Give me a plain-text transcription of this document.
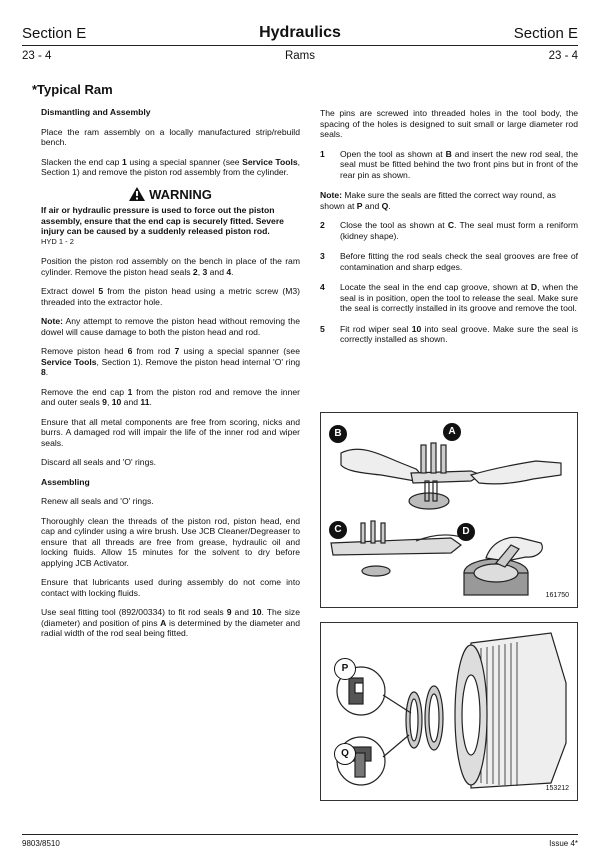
Section E	Hydraulics	Section E
23 - 4	Rams	23 - 4
*Typical Ram
Dismantling and Assembly

Place the ram assembly on a locally manufactured strip/rebuild bench.

Slacken the end cap 1 using a special spanner (see Service Tools, Section 1) and remove the piston rod assembly from the cylinder.

WARNING

If air or hydraulic pressure is used to force out the piston assembly, ensure that the end cap is securely fitted. Severe injury can be caused by a suddenly released piston rod.

HYD 1 - 2

Position the piston rod assembly on the bench in place of the ram cylinder. Remove the piston head seals 2, 3 and 4.

Extract dowel 5 from the piston head using a metric screw (M3) threaded into the extractor hole.

Note: Any attempt to remove the piston head without removing the dowel will cause damage to both the piston head and rod.

Remove piston head 6 from rod 7 using a special spanner (see Service Tools, Section 1). Remove the piston head internal 'O' ring 8.

Remove the end cap 1 from the piston rod and remove the inner and outer seals 9, 10 and 11.

Ensure that all metal components are free from scoring, nicks and burrs. A damaged rod will impair the life of the inner rod and wiper seals.

Discard all seals and 'O' rings.

Assembling

Renew all seals and 'O' rings.

Thoroughly clean the threads of the piston rod, piston head, end cap and cylinder using a wire brush. Use JCB Cleaner/Degreaser to ensure that all threads are free from grease, hydraulic oil and locking fluids. Allow 15 minutes for the solvent to dry before applying JCB Activator.

Ensure that lubricants used during assembly do not come into contact with locking fluids.

Use seal fitting tool (892/00334) to fit rod seals 9 and 10. The size (diameter) and position of pins A is determined by the diameter and radial width of the rod seal being fitted.

The pins are screwed into threaded holes in the tool body, the spacing of the holes is designed to suit small or large diameter rod seals.

1 Open the tool as shown at B and insert the new rod seal, the seal must be fitted behind the two front pins but in front of the rear pin as shown.

Note: Make sure the seals are fitted the correct way round, as shown at P and Q.

2 Close the tool as shown at C. The seal must form a reniform (kidney shape).
3 Before fitting the rod seals check the seal grooves are free of contamination and sharp edges.
4 Locate the seal in the end cap groove, shown at D, when the seal is in position, open the tool to release the seal. Make sure the seal is correctly installed in its groove and remove the tool.
5 Fit rod wiper seal 10 into seal groove. Make sure the seal is correctly installed as shown.
B	A
C	D
161750
P
Q
153212
9803/8510	Issue 4*
